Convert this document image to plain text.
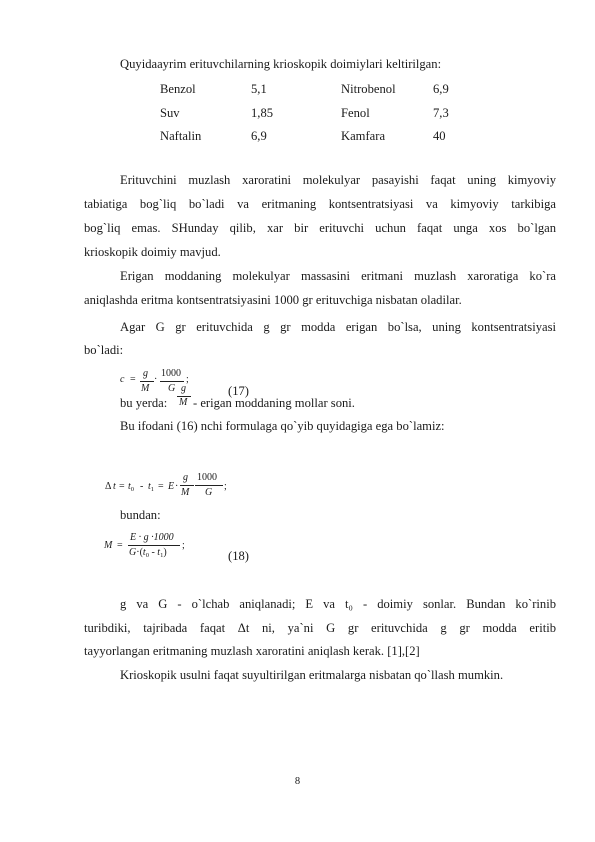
Quyidaayrim erituvchilarning krioskopik doimiylari keltirilgan:
Benzol	5,1	Nitrobenol	6,9
Suv	1,85	Fenol	7,3
Naftalin	6,9	Kamfara	40
Erituvchini muzlash xaroratini molekulyar pasayishi faqat uning kimyoviy
tabiatiga bog`liq bo`ladi va eritmaning kontsentratsiyasi va kimyoviy tarkibiga
bog`liq emas. SHunday qilib, xar bir erituvchi uchun faqat unga xos bo`lgan
krioskopik doimiy mavjud.
Erigan moddaning molekulyar massasini eritmani muzlash xaroratiga ko`ra
aniqlashda eritma kontsentratsiyasini 1000 gr erituvchiga nisbatan oladilar.
Agar G gr erituvchida g gr modda erigan bo`lsa, uning kontsentratsiyasi
bo`ladi:
c =
g
M
·
1000
G
;
(17)
bu yerda:
g
M - erigan moddaning mollar soni.
Bu ifodani (16) nchi formulaga qo`yib quyidagiga ega bo`lamiz:
Δ $t = t_0 - t_1 = E$ ·
g
M
1000
G
;
bundan:
M =
E · g ·1000
$G\cdot(t_0 - t_1)$
;
(18)
g va G - o`lchab aniqlanadi; E va t₀ - doimiy sonlar. Bundan ko`rinib
turibdiki, tajribada faqat Δt ni, ya`ni G gr erituvchida g gr modda eritib
tayyorlangan eritmaning muzlash xaroratini aniqlash kerak. [1],[2]
Krioskopik usulni faqat suyultirilgan eritmalarga nisbatan qo`llash mumkin.
8
